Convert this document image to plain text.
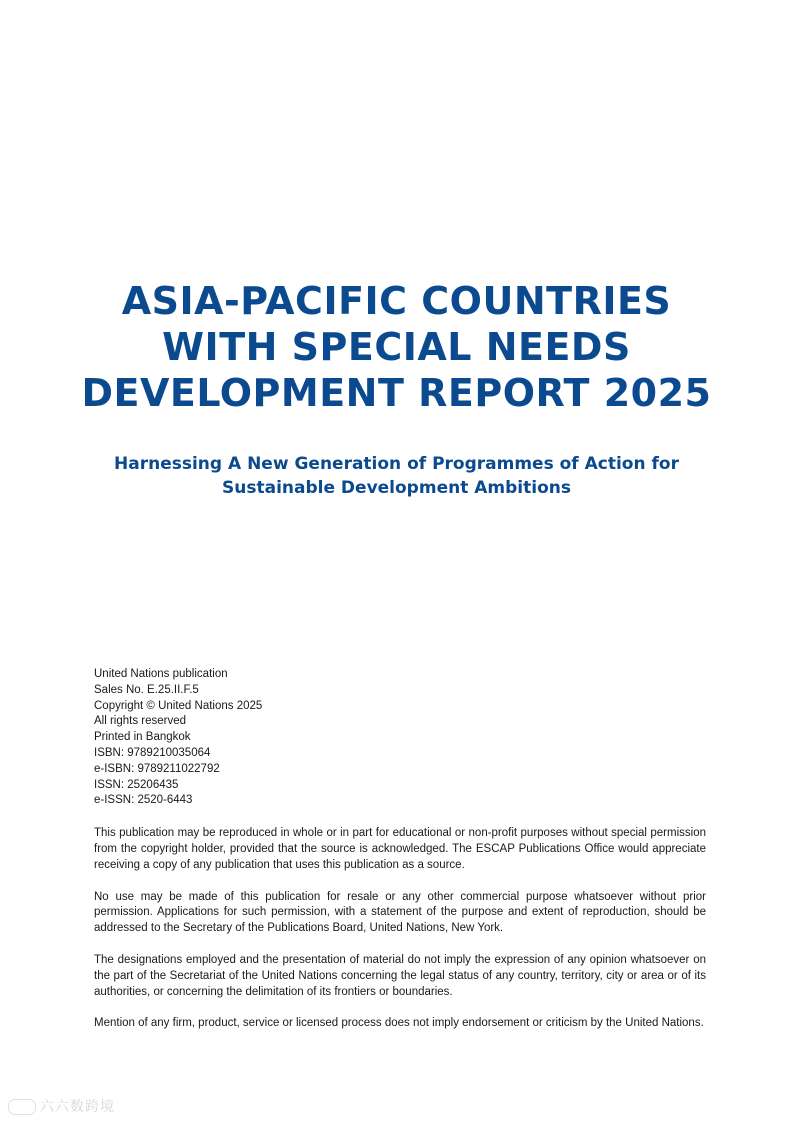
ASIA-PACIFIC COUNTRIES
WITH SPECIAL NEEDS
DEVELOPMENT REPORT 2025
Harnessing A New Generation of Programmes of Action for
Sustainable Development Ambitions
United Nations publication
Sales No. E.25.II.F.5
Copyright © United Nations 2025
All rights reserved
Printed in Bangkok
ISBN: 9789210035064
e-ISBN: 9789211022792
ISSN: 25206435
e-ISSN: 2520-6443

This publication may be reproduced in whole or in part for educational or non-profit purposes without special permission from the copyright holder, provided that the source is acknowledged. The ESCAP Publications Office would appreciate receiving a copy of any publication that uses this publication as a source.

No use may be made of this publication for resale or any other commercial purpose whatsoever without prior permission. Applications for such permission, with a statement of the purpose and extent of reproduction, should be addressed to the Secretary of the Publications Board, United Nations, New York.

The designations employed and the presentation of material do not imply the expression of any opinion whatsoever on the part of the Secretariat of the United Nations concerning the legal status of any country, territory, city or area or of its authorities, or concerning the delimitation of its frontiers or boundaries.

Mention of any firm, product, service or licensed process does not imply endorsement or criticism by the United Nations.

六六数跨境
